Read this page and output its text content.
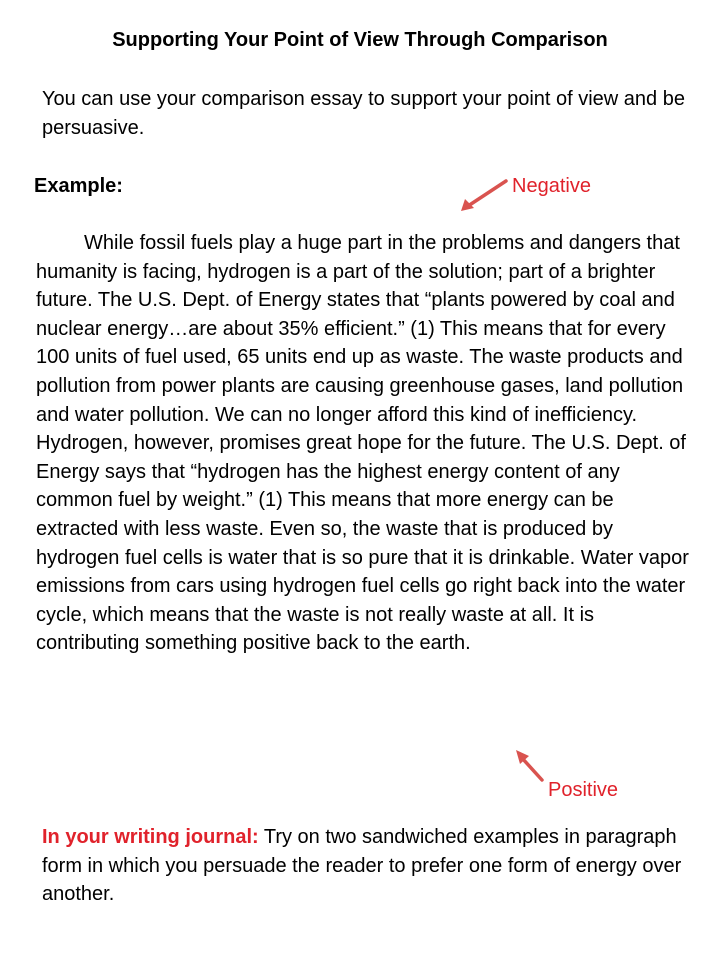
Supporting Your Point of View Through Comparison
You can use your comparison essay to support your point of view and be persuasive.
Example:	Negative

While fossil fuels play a huge part in the problems and dangers that humanity is facing, hydrogen is a part of the solution; part of a brighter future. The U.S. Dept. of Energy states that “plants powered by coal and nuclear energy…are about 35% efficient.” (1) This means that for every 100 units of fuel used, 65 units end up as waste. The waste products and pollution from power plants are causing greenhouse gases, land pollution and water pollution. We can no longer afford this kind of inefficiency. Hydrogen, however, promises great hope for the future. The U.S. Dept. of Energy says that “hydrogen has the highest energy content of any common fuel by weight.” (1) This means that more energy can be extracted with less waste. Even so, the waste that is produced by hydrogen fuel cells is water that is so pure that it is drinkable. Water vapor emissions from cars using hydrogen fuel cells go right back into the water cycle, which means that the waste is not really waste at all. It is contributing something positive back to the earth.

Positive
In your writing journal: Try on two sandwiched examples in paragraph form in which you persuade the reader to prefer one form of energy over another.
